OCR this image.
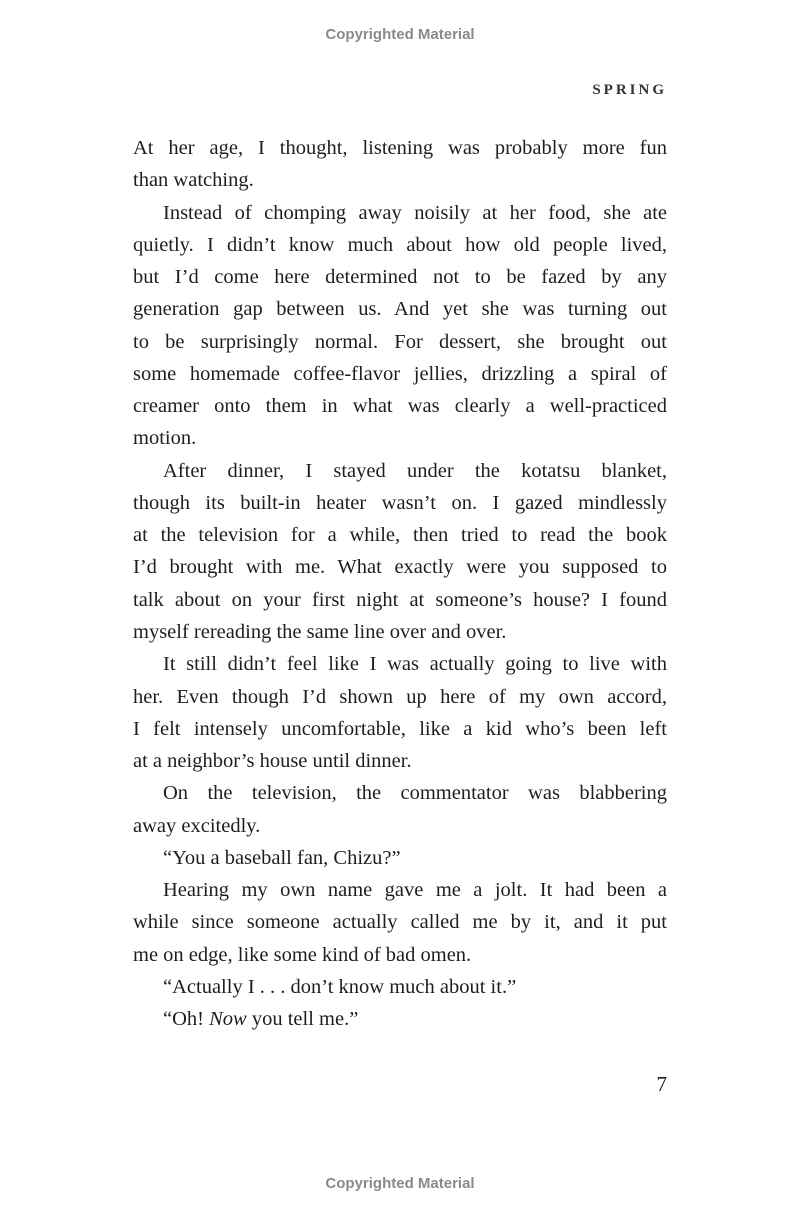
Copyrighted Material
SPRING
At her age, I thought, listening was probably more fun
than watching.
Instead of chomping away noisily at her food, she ate
quietly. I didn’t know much about how old people lived,
but I’d come here determined not to be fazed by any
generation gap between us. And yet she was turning out
to be surprisingly normal. For dessert, she brought out
some homemade coffee-flavor jellies, drizzling a spiral of
creamer onto them in what was clearly a well-practiced
motion.
After dinner, I stayed under the kotatsu blanket,
though its built-in heater wasn’t on. I gazed mindlessly
at the television for a while, then tried to read the book
I’d brought with me. What exactly were you supposed to
talk about on your first night at someone’s house? I found
myself rereading the same line over and over.
It still didn’t feel like I was actually going to live with
her. Even though I’d shown up here of my own accord,
I felt intensely uncomfortable, like a kid who’s been left
at a neighbor’s house until dinner.
On the television, the commentator was blabbering
away excitedly.
“You a baseball fan, Chizu?”
Hearing my own name gave me a jolt. It had been a
while since someone actually called me by it, and it put
me on edge, like some kind of bad omen.
“Actually I . . . don’t know much about it.”
“Oh! Now you tell me.”
7
Copyrighted Material
